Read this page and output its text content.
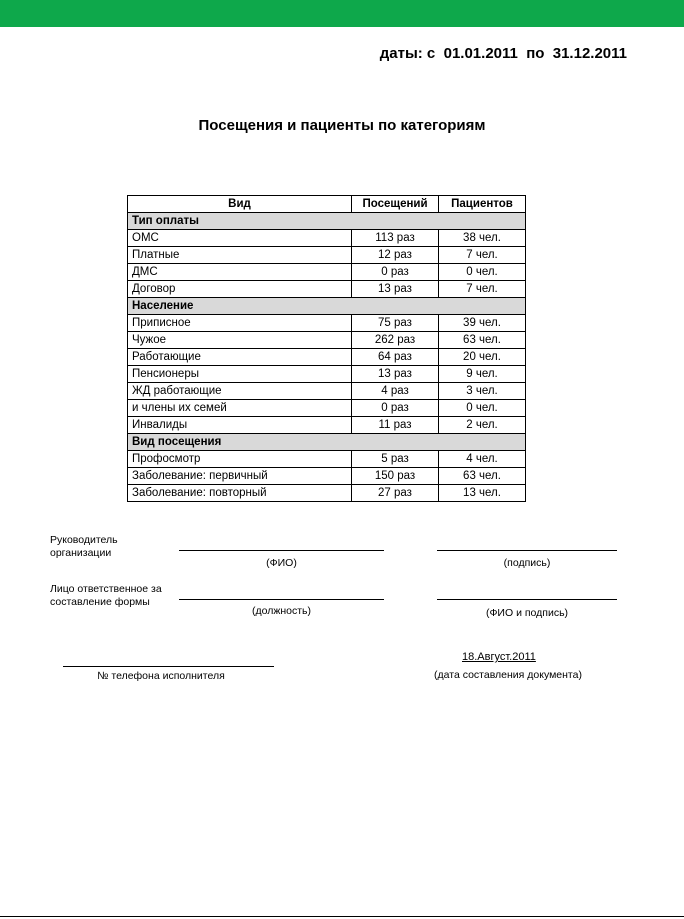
даты: с  01.01.2011  по  31.12.2011
Посещения и пациенты по категориям
Вид	Посещений	Пациентов
Тип оплаты		
ОМС	113 раз	38 чел.
Платные	12 раз	7 чел.
ДМС	0 раз	0 чел.
Договор	13 раз	7 чел.
Население		
Приписное	75 раз	39 чел.
Чужое	262 раз	63 чел.
Работающие	64 раз	20 чел.
Пенсионеры	13 раз	9 чел.
ЖД работающие	4 раз	3 чел.
и члены их семей	0 раз	0 чел.
Инвалиды	11 раз	2 чел.
Вид посещения		
Профосмотр	5 раз	4 чел.
Заболевание: первичный	150 раз	63 чел.
Заболевание: повторный	27 раз	13 чел.
Руководитель
организации
(ФИО)	(подпись)
Лицо ответственное за
составление формы
(должность)	(ФИО и подпись)
№ телефона исполнителя
18.Август.2011
(дата составления документа)
